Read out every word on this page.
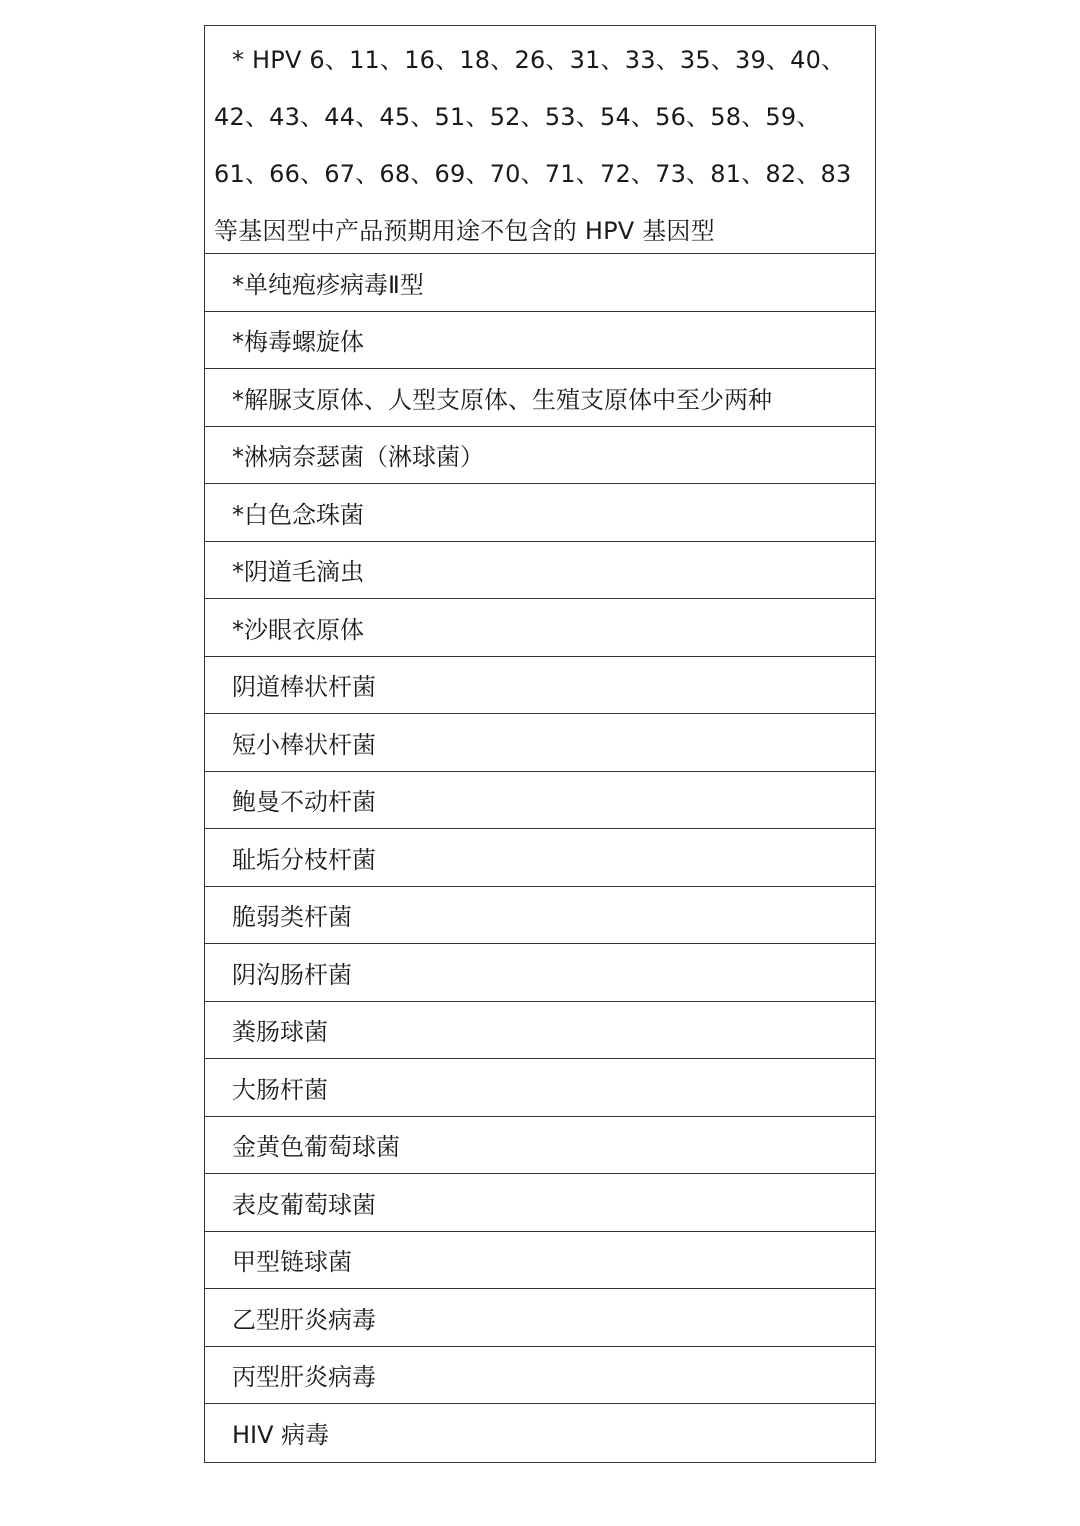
* HPV 6、11、16、18、26、31、33、35、39、40、42、43、44、45、51、52、53、54、56、58、59、61、66、67、68、69、70、71、72、73、81、82、83 等基因型中产品预期用途不包含的 HPV 基因型

*单纯疱疹病毒Ⅱ型
*梅毒螺旋体
*解脲支原体、人型支原体、生殖支原体中至少两种
*淋病奈瑟菌（淋球菌）
*白色念珠菌
*阴道毛滴虫
*沙眼衣原体
阴道棒状杆菌
短小棒状杆菌
鲍曼不动杆菌
耻垢分枝杆菌
脆弱类杆菌
阴沟肠杆菌
粪肠球菌
大肠杆菌
金黄色葡萄球菌
表皮葡萄球菌
甲型链球菌
乙型肝炎病毒
丙型肝炎病毒
HIV 病毒
